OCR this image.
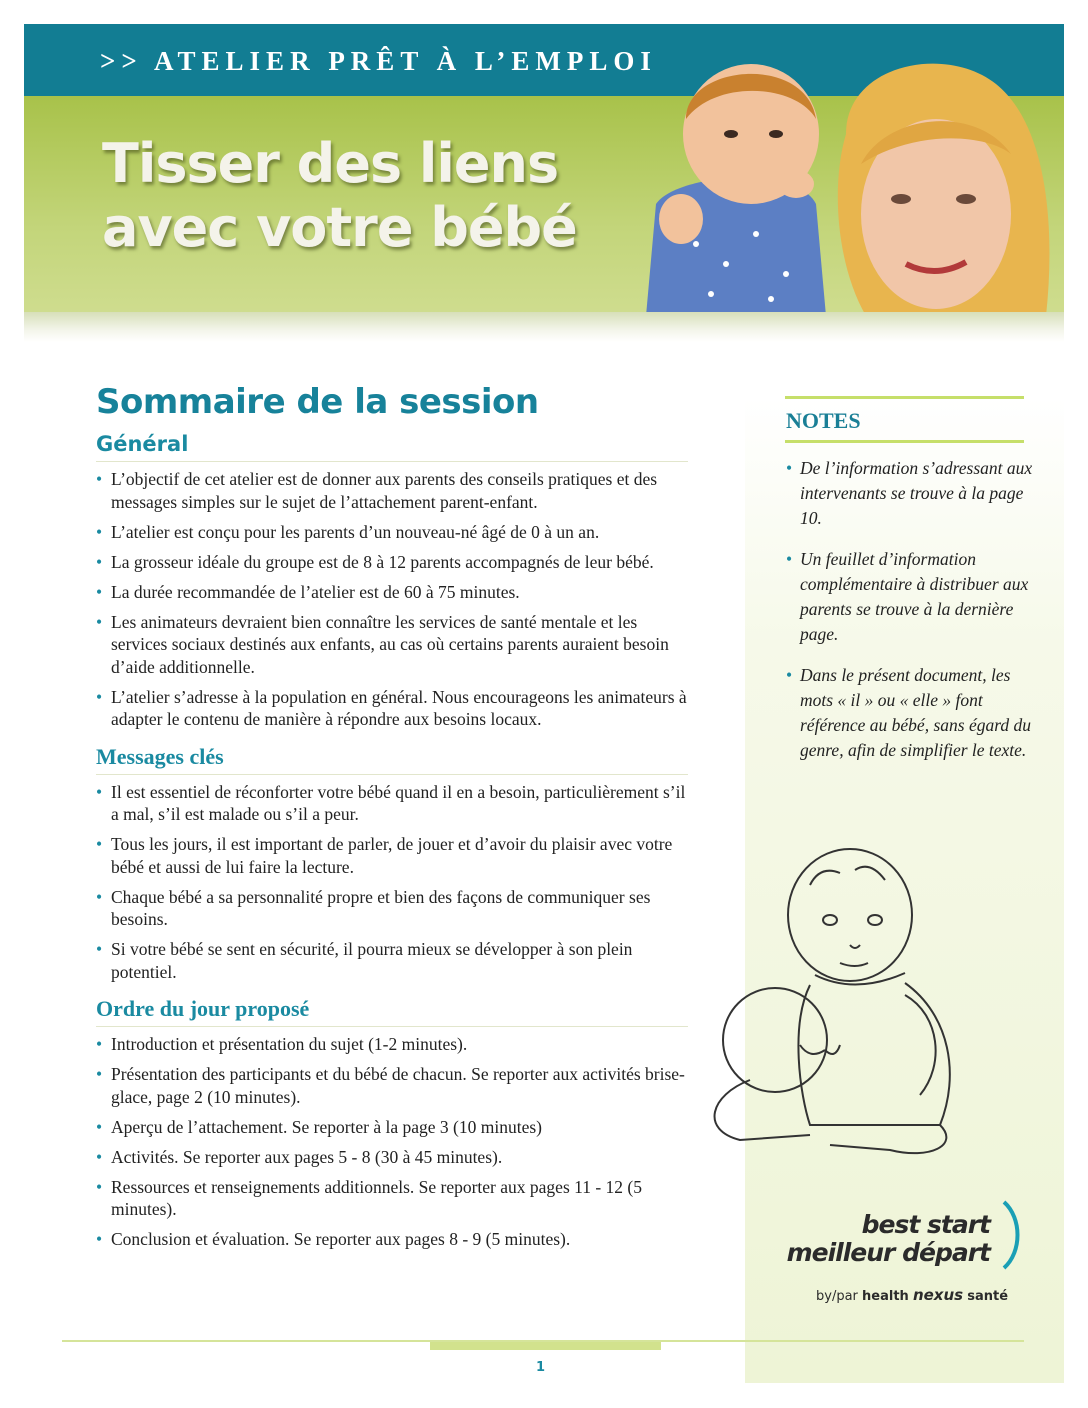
>> ATELIER PRÊT À L’EMPLOI
Tisser des liens
avec votre bébé
NOTES
• De l’information s’adressant aux intervenants se trouve à la page 10.
• Un feuillet d’information complémentaire à distribuer aux parents se trouve à la dernière page.
• Dans le présent document, les mots « il » ou « elle » font référence au bébé, sans égard du genre, afin de simplifier le texte.
best start
meilleur départ
by/par health nexus santé
Sommaire de la session
Général
• L’objectif de cet atelier est de donner aux parents des conseils pratiques et des messages simples sur le sujet de l’attachement parent-enfant.
• L’atelier est conçu pour les parents d’un nouveau-né âgé de 0 à un an.
• La grosseur idéale du groupe est de 8 à 12 parents accompagnés de leur bébé.
• La durée recommandée de l’atelier est de 60 à 75 minutes.
• Les animateurs devraient bien connaître les services de santé mentale et les services sociaux destinés aux enfants, au cas où certains parents auraient besoin d’aide additionnelle.
• L’atelier s’adresse à la population en général. Nous encourageons les animateurs à adapter le contenu de manière à répondre aux besoins locaux.
Messages clés
• Il est essentiel de réconforter votre bébé quand il en a besoin, particulièrement s’il a mal, s’il est malade ou s’il a peur.
• Tous les jours, il est important de parler, de jouer et d’avoir du plaisir avec votre bébé et aussi de lui faire la lecture.
• Chaque bébé a sa personnalité propre et bien des façons de communiquer ses besoins.
• Si votre bébé se sent en sécurité, il pourra mieux se développer à son plein potentiel.
Ordre du jour proposé
• Introduction et présentation du sujet (1-2 minutes).
• Présentation des participants et du bébé de chacun. Se reporter aux activités brise-glace, page 2 (10 minutes).
• Aperçu de l’attachement. Se reporter à la page 3 (10 minutes)
• Activités. Se reporter aux pages 5 - 8 (30 à 45 minutes).
• Ressources et renseignements additionnels. Se reporter aux pages 11 - 12 (5 minutes).
• Conclusion et évaluation. Se reporter aux pages 8 - 9 (5 minutes).
1
